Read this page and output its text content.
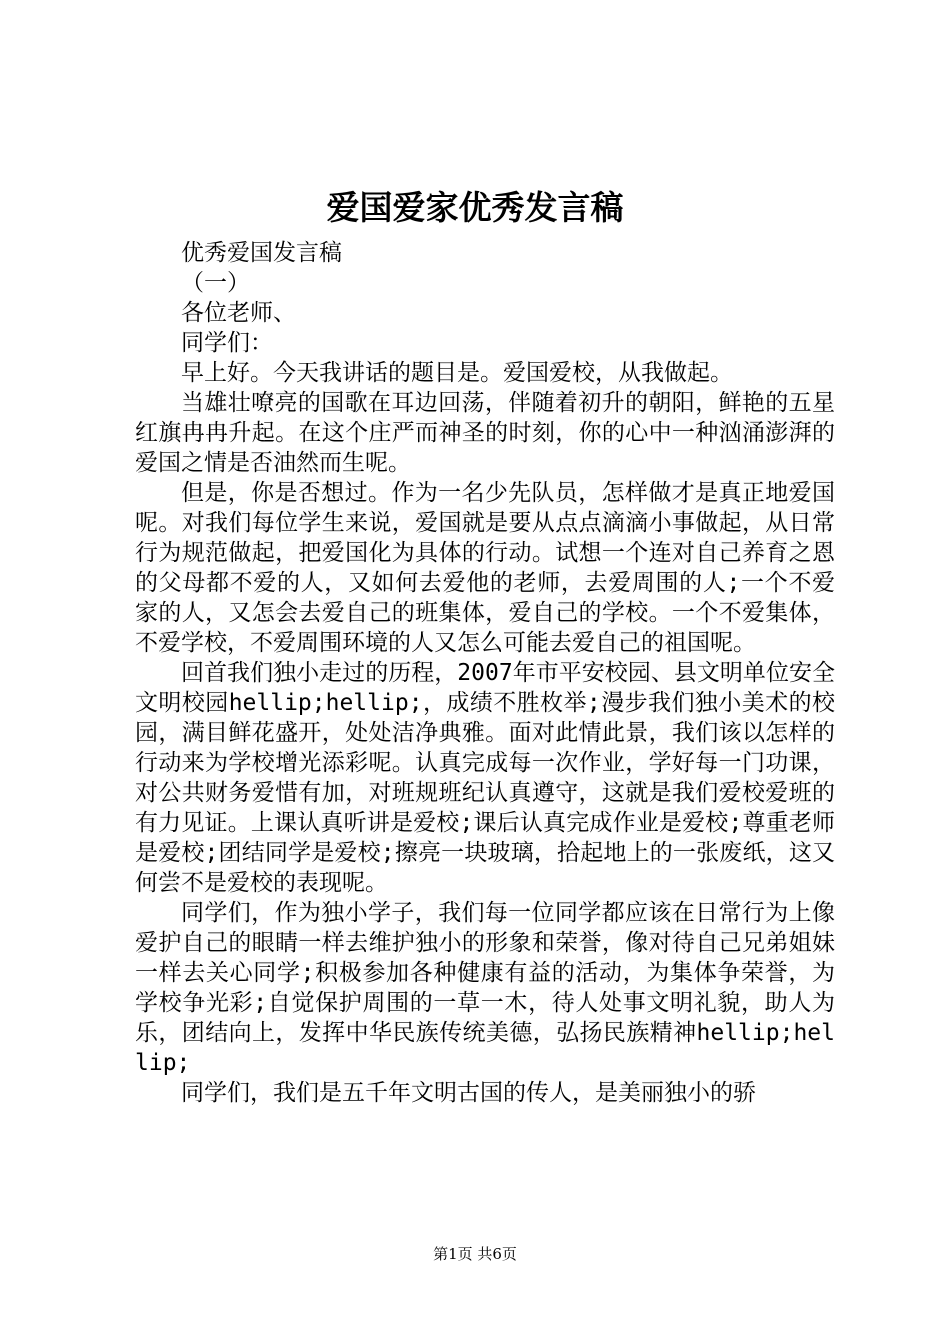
爱国爱家优秀发言稿

优秀爱国发言稿

（一）

各位老师、

同学们：

早上好。今天我讲话的题目是。爱国爱校，从我做起。

当雄壮嘹亮的国歌在耳边回荡，伴随着初升的朝阳，鲜艳的五星红旗冉冉升起。在这个庄严而神圣的时刻，你的心中一种汹涌澎湃的爱国之情是否油然而生呢。

但是，你是否想过。作为一名少先队员，怎样做才是真正地爱国呢。对我们每位学生来说，爱国就是要从点点滴滴小事做起，从日常行为规范做起，把爱国化为具体的行动。试想一个连对自己养育之恩的父母都不爱的人，又如何去爱他的老师，去爱周围的人;一个不爱家的人，又怎会去爱自己的班集体，爱自己的学校。一个不爱集体，不爱学校，不爱周围环境的人又怎么可能去爱自己的祖国呢。

回首我们独小走过的历程，2007年市平安校园、县文明单位安全文明校园hellip;hellip;，成绩不胜枚举;漫步我们独小美术的校园，满目鲜花盛开，处处洁净典雅。面对此情此景，我们该以怎样的行动来为学校增光添彩呢。认真完成每一次作业，学好每一门功课，对公共财务爱惜有加，对班规班纪认真遵守，这就是我们爱校爱班的有力见证。上课认真听讲是爱校;课后认真完成作业是爱校;尊重老师是爱校;团结同学是爱校;擦亮一块玻璃，拾起地上的一张废纸，这又何尝不是爱校的表现呢。

同学们，作为独小学子，我们每一位同学都应该在日常行为上像爱护自己的眼睛一样去维护独小的形象和荣誉，像对待自己兄弟姐妹一样去关心同学;积极参加各种健康有益的活动，为集体争荣誉，为学校争光彩;自觉保护周围的一草一木，待人处事文明礼貌，助人为乐，团结向上，发挥中华民族传统美德，弘扬民族精神hellip;hellip;

同学们，我们是五千年文明古国的传人，是美丽独小的骄

第1页 共6页
